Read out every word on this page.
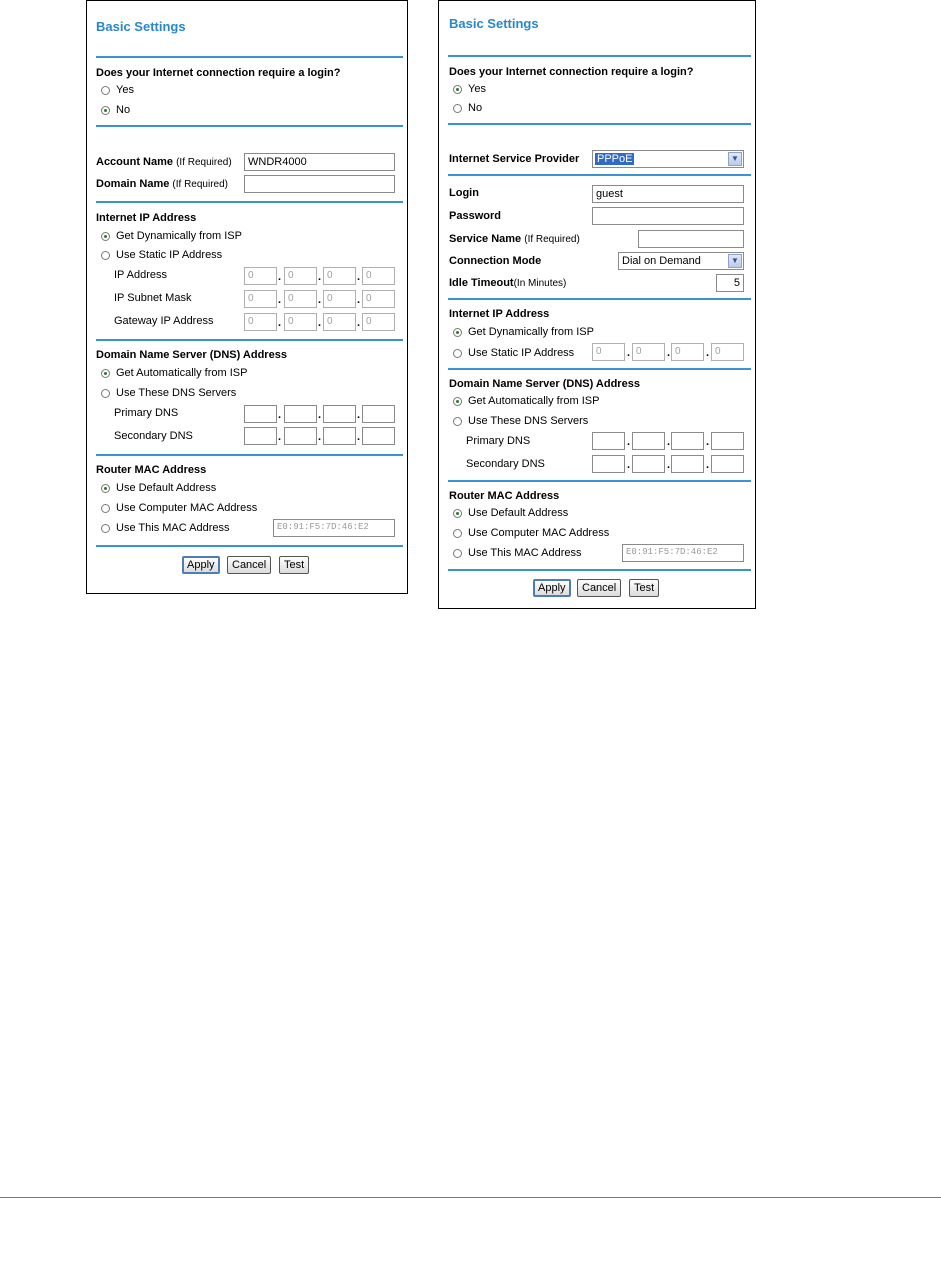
Basic Settings
Does your Internet connection require a login?
Yes
No
Account Name (If Required)	WNDR4000
Domain Name (If Required)
Internet IP Address
Get Dynamically from ISP
Use Static IP Address
IP Address	0	. 0	. 0	. 0
IP Subnet Mask	0	. 0	. 0	. 0
Gateway IP Address	0	. 0	. 0	. 0
Domain Name Server (DNS) Address
Get Automatically from ISP
Use These DNS Servers
Primary DNS	.	.	.
Secondary DNS	.	.	.
Router MAC Address
Use Default Address
Use Computer MAC Address
Use This MAC Address	E0:91:F5:7D:46:E2
Apply	Cancel	Test
Basic Settings
Does your Internet connection require a login?
Yes
No
Internet Service Provider PPPoE	▼
Login	guest
Password
Service Name (If Required)
Connection Mode	Dial on Demand	▼
Idle Timeout(In Minutes)	5
Internet IP Address
Get Dynamically from ISP
Use Static IP Address	0	. 0	. 0	. 0
Domain Name Server (DNS) Address
Get Automatically from ISP
Use These DNS Servers
Primary DNS	.	.	.
Secondary DNS	.	.	.
Router MAC Address
Use Default Address
Use Computer MAC Address
Use This MAC Address	E0:91:F5:7D:46:E2
Apply	Cancel	Test
